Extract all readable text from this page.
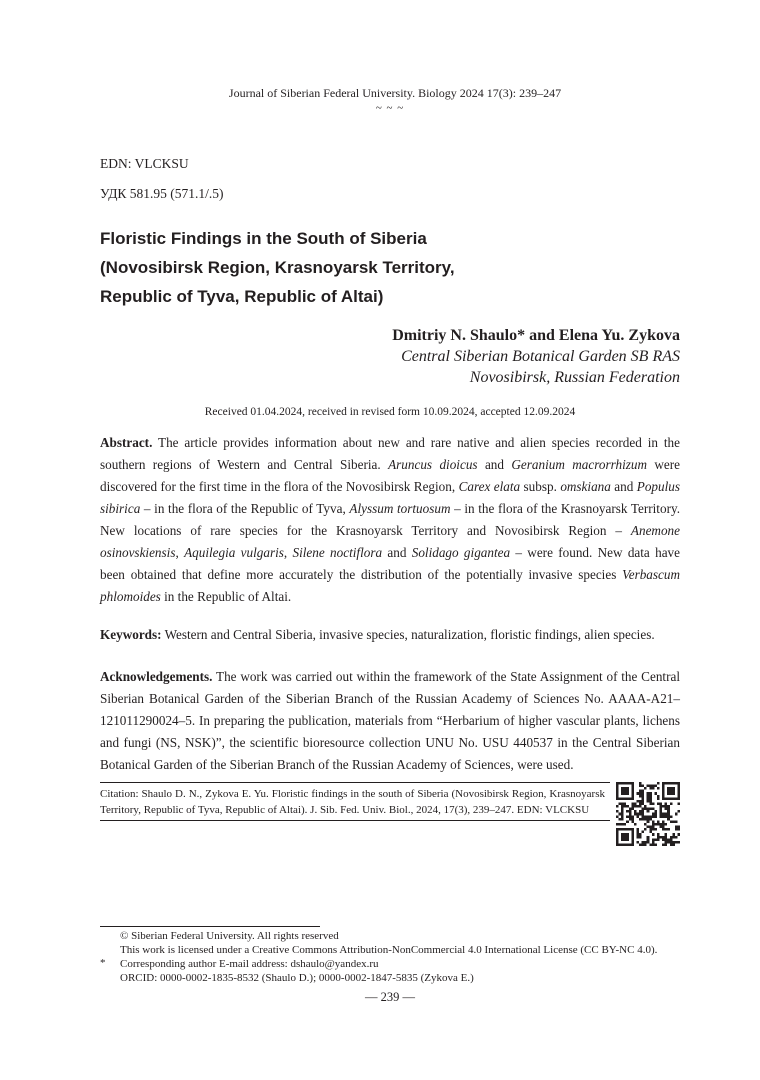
Journal of Siberian Federal University. Biology 2024 17(3): 239–247
~ ~ ~
EDN: VLCKSU
УДК 581.95 (571.1/.5)
Floristic Findings in the South of Siberia
(Novosibirsk Region, Krasnoyarsk Territory,
Republic of Tyva, Republic of Altai)
Dmitriy N. Shaulo* and Elena Yu. Zykova
Central Siberian Botanical Garden SB RAS
Novosibirsk, Russian Federation
Received 01.04.2024, received in revised form 10.09.2024, accepted 12.09.2024
Abstract. The article provides information about new and rare native and alien species recorded in the southern regions of Western and Central Siberia. Aruncus dioicus and Geranium macrorrhizum were discovered for the first time in the flora of the Novosibirsk Region, Carex elata subsp. omskiana and Populus sibirica – in the flora of the Republic of Tyva, Alyssum tortuosum – in the flora of the Krasnoyarsk Territory. New locations of rare species for the Krasnoyarsk Territory and Novosibirsk Region – Anemone osinovskiensis, Aquilegia vulgaris, Silene noctiflora and Solidago gigantea – were found. New data have been obtained that define more accurately the distribution of the potentially invasive species Verbascum phlomoides in the Republic of Altai.
Keywords: Western and Central Siberia, invasive species, naturalization, floristic findings, alien species.
Acknowledgements. The work was carried out within the framework of the State Assignment of the Central Siberian Botanical Garden of the Siberian Branch of the Russian Academy of Sciences No. AAAA-A21–121011290024–5. In preparing the publication, materials from “Herbarium of higher vascular plants, lichens and fungi (NS, NSK)”, the scientific bioresource collection UNU No. USU 440537 in the Central Siberian Botanical Garden of the Siberian Branch of the Russian Academy of Sciences, were used.
Citation: Shaulo D. N., Zykova E. Yu. Floristic findings in the south of Siberia (Novosibirsk Region, Krasnoyarsk Territory, Republic of Tyva, Republic of Altai). J. Sib. Fed. Univ. Biol., 2024, 17(3), 239–247. EDN: VLCKSU
© Siberian Federal University. All rights reserved
This work is licensed under a Creative Commons Attribution-NonCommercial 4.0 International License (CC BY-NC 4.0).
* Corresponding author E-mail address: dshaulo@yandex.ru
ORCID: 0000-0002-1835-8532 (Shaulo D.); 0000-0002-1847-5835 (Zykova E.)
— 239 —
